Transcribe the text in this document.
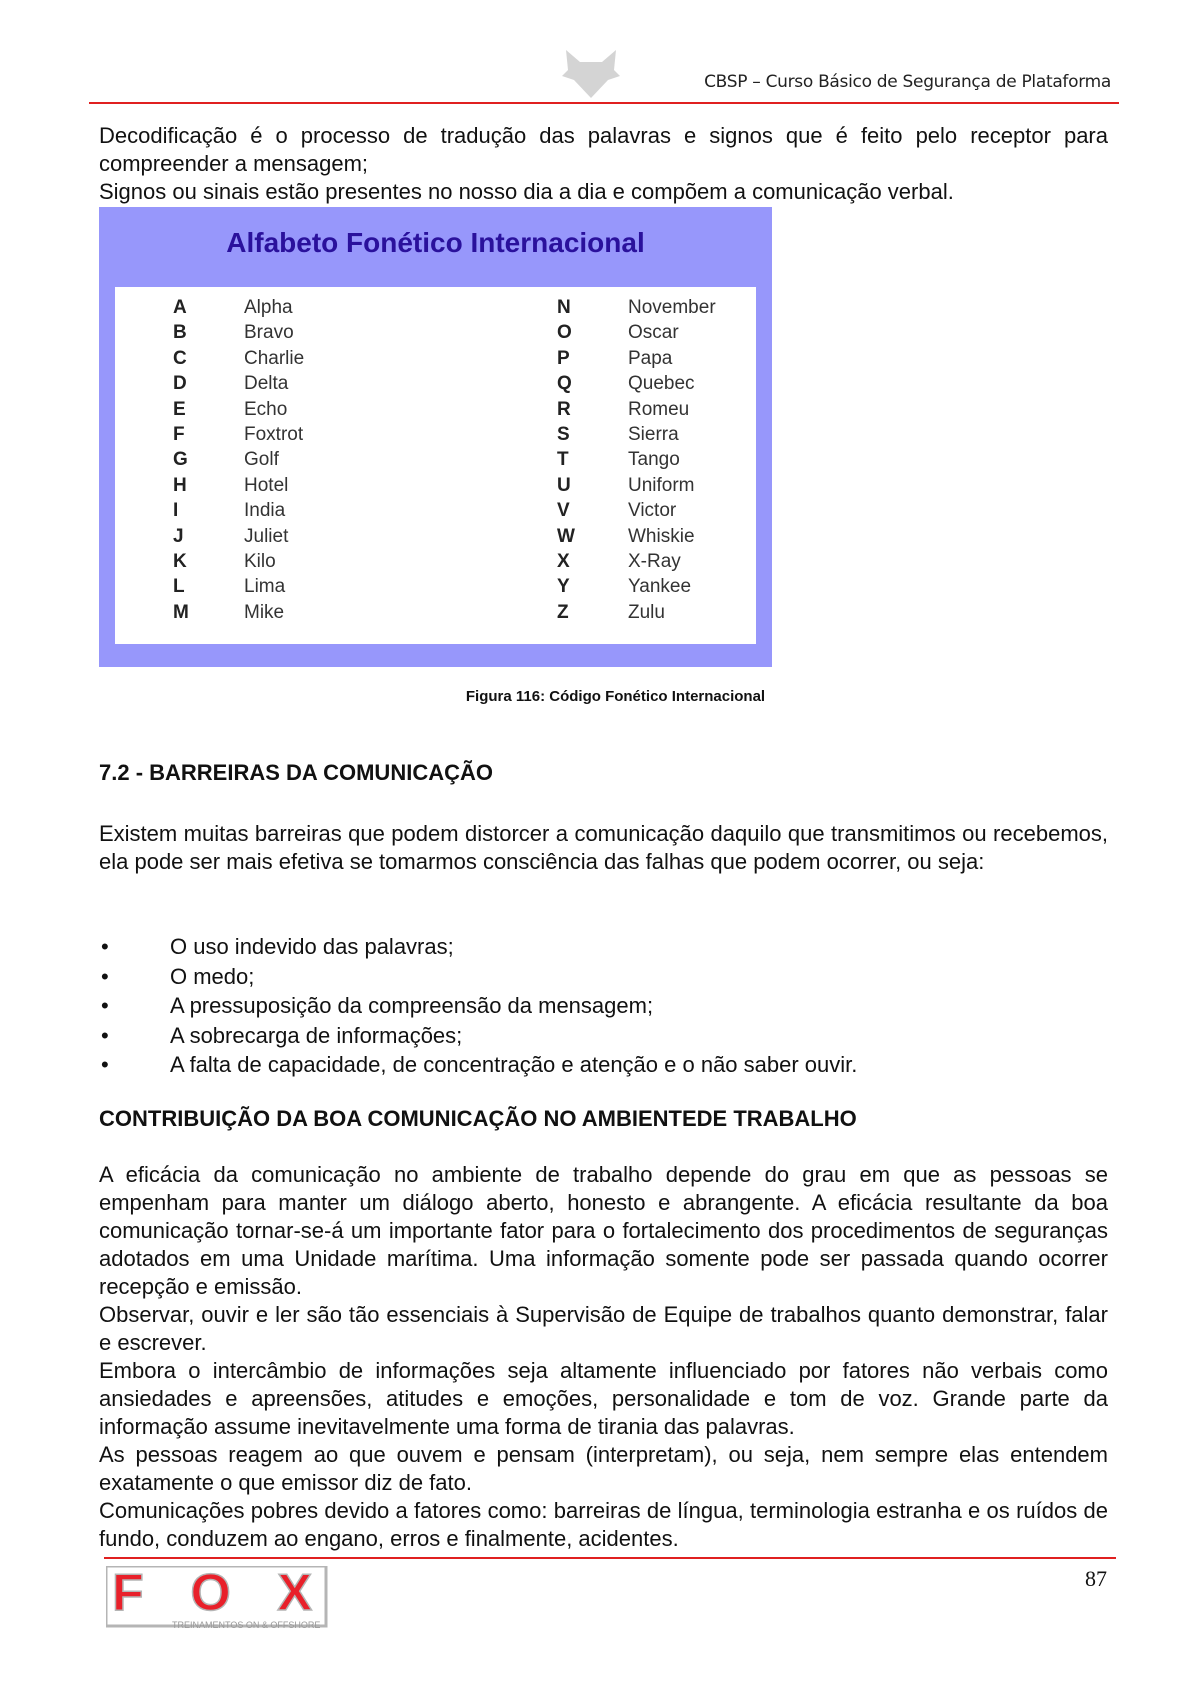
CBSP – Curso Básico de Segurança de Plataforma

Decodificação é o processo de tradução das palavras e signos que é feito pelo receptor para compreender a mensagem;

Signos ou sinais estão presentes no nosso dia a dia e compõem a comunicação verbal.

Alfabeto Fonético Internacional
A	Alpha
B	Bravo
C	Charlie
D	Delta
E	Echo
F	Foxtrot
G	Golf
H	Hotel
I	India
J	Juliet
K	Kilo
L	Lima
M	Mike
N	November
O	Oscar
P	Papa
Q	Quebec
R	Romeu
S	Sierra
T	Tango
U	Uniform
V	Victor
W	Whiskie
X	X-Ray
Y	Yankee
Z	Zulu
Figura 116: Código Fonético Internacional
7.2 - BARREIRAS DA COMUNICAÇÃO
Existem muitas barreiras que podem distorcer a comunicação daquilo que transmitimos ou recebemos, ela pode ser mais efetiva se tomarmos consciência das falhas que podem ocorrer, ou seja:
•	O uso indevido das palavras;
•	O medo;
•	A pressuposição da compreensão da mensagem;
•	A sobrecarga de informações;
•	A falta de capacidade, de concentração e atenção e o não saber ouvir.
CONTRIBUIÇÃO DA BOA COMUNICAÇÃO NO AMBIENTEDE TRABALHO

A eficácia da comunicação no ambiente de trabalho depende do grau em que as pessoas se empenham para manter um diálogo aberto, honesto e abrangente. A eficácia resultante da boa comunicação tornar-se-á um importante fator para o fortalecimento dos procedimentos de seguranças adotados em uma Unidade marítima. Uma informação somente pode ser passada quando ocorrer recepção e emissão.

Observar, ouvir e ler são tão essenciais à Supervisão de Equipe de trabalhos quanto demonstrar, falar e escrever.

Embora o intercâmbio de informações seja altamente influenciado por fatores não verbais como ansiedades e apreensões, atitudes e emoções, personalidade e tom de voz. Grande parte da informação assume inevitavelmente uma forma de tirania das palavras.

As pessoas reagem ao que ouvem e pensam (interpretam), ou seja, nem sempre elas entendem exatamente o que emissor diz de fato.

Comunicações pobres devido a fatores como: barreiras de língua, terminologia estranha e os ruídos de fundo, conduzem ao engano, erros e finalmente, acidentes.

FOX
TREINAMENTOS ON & OFFSHORE
87
